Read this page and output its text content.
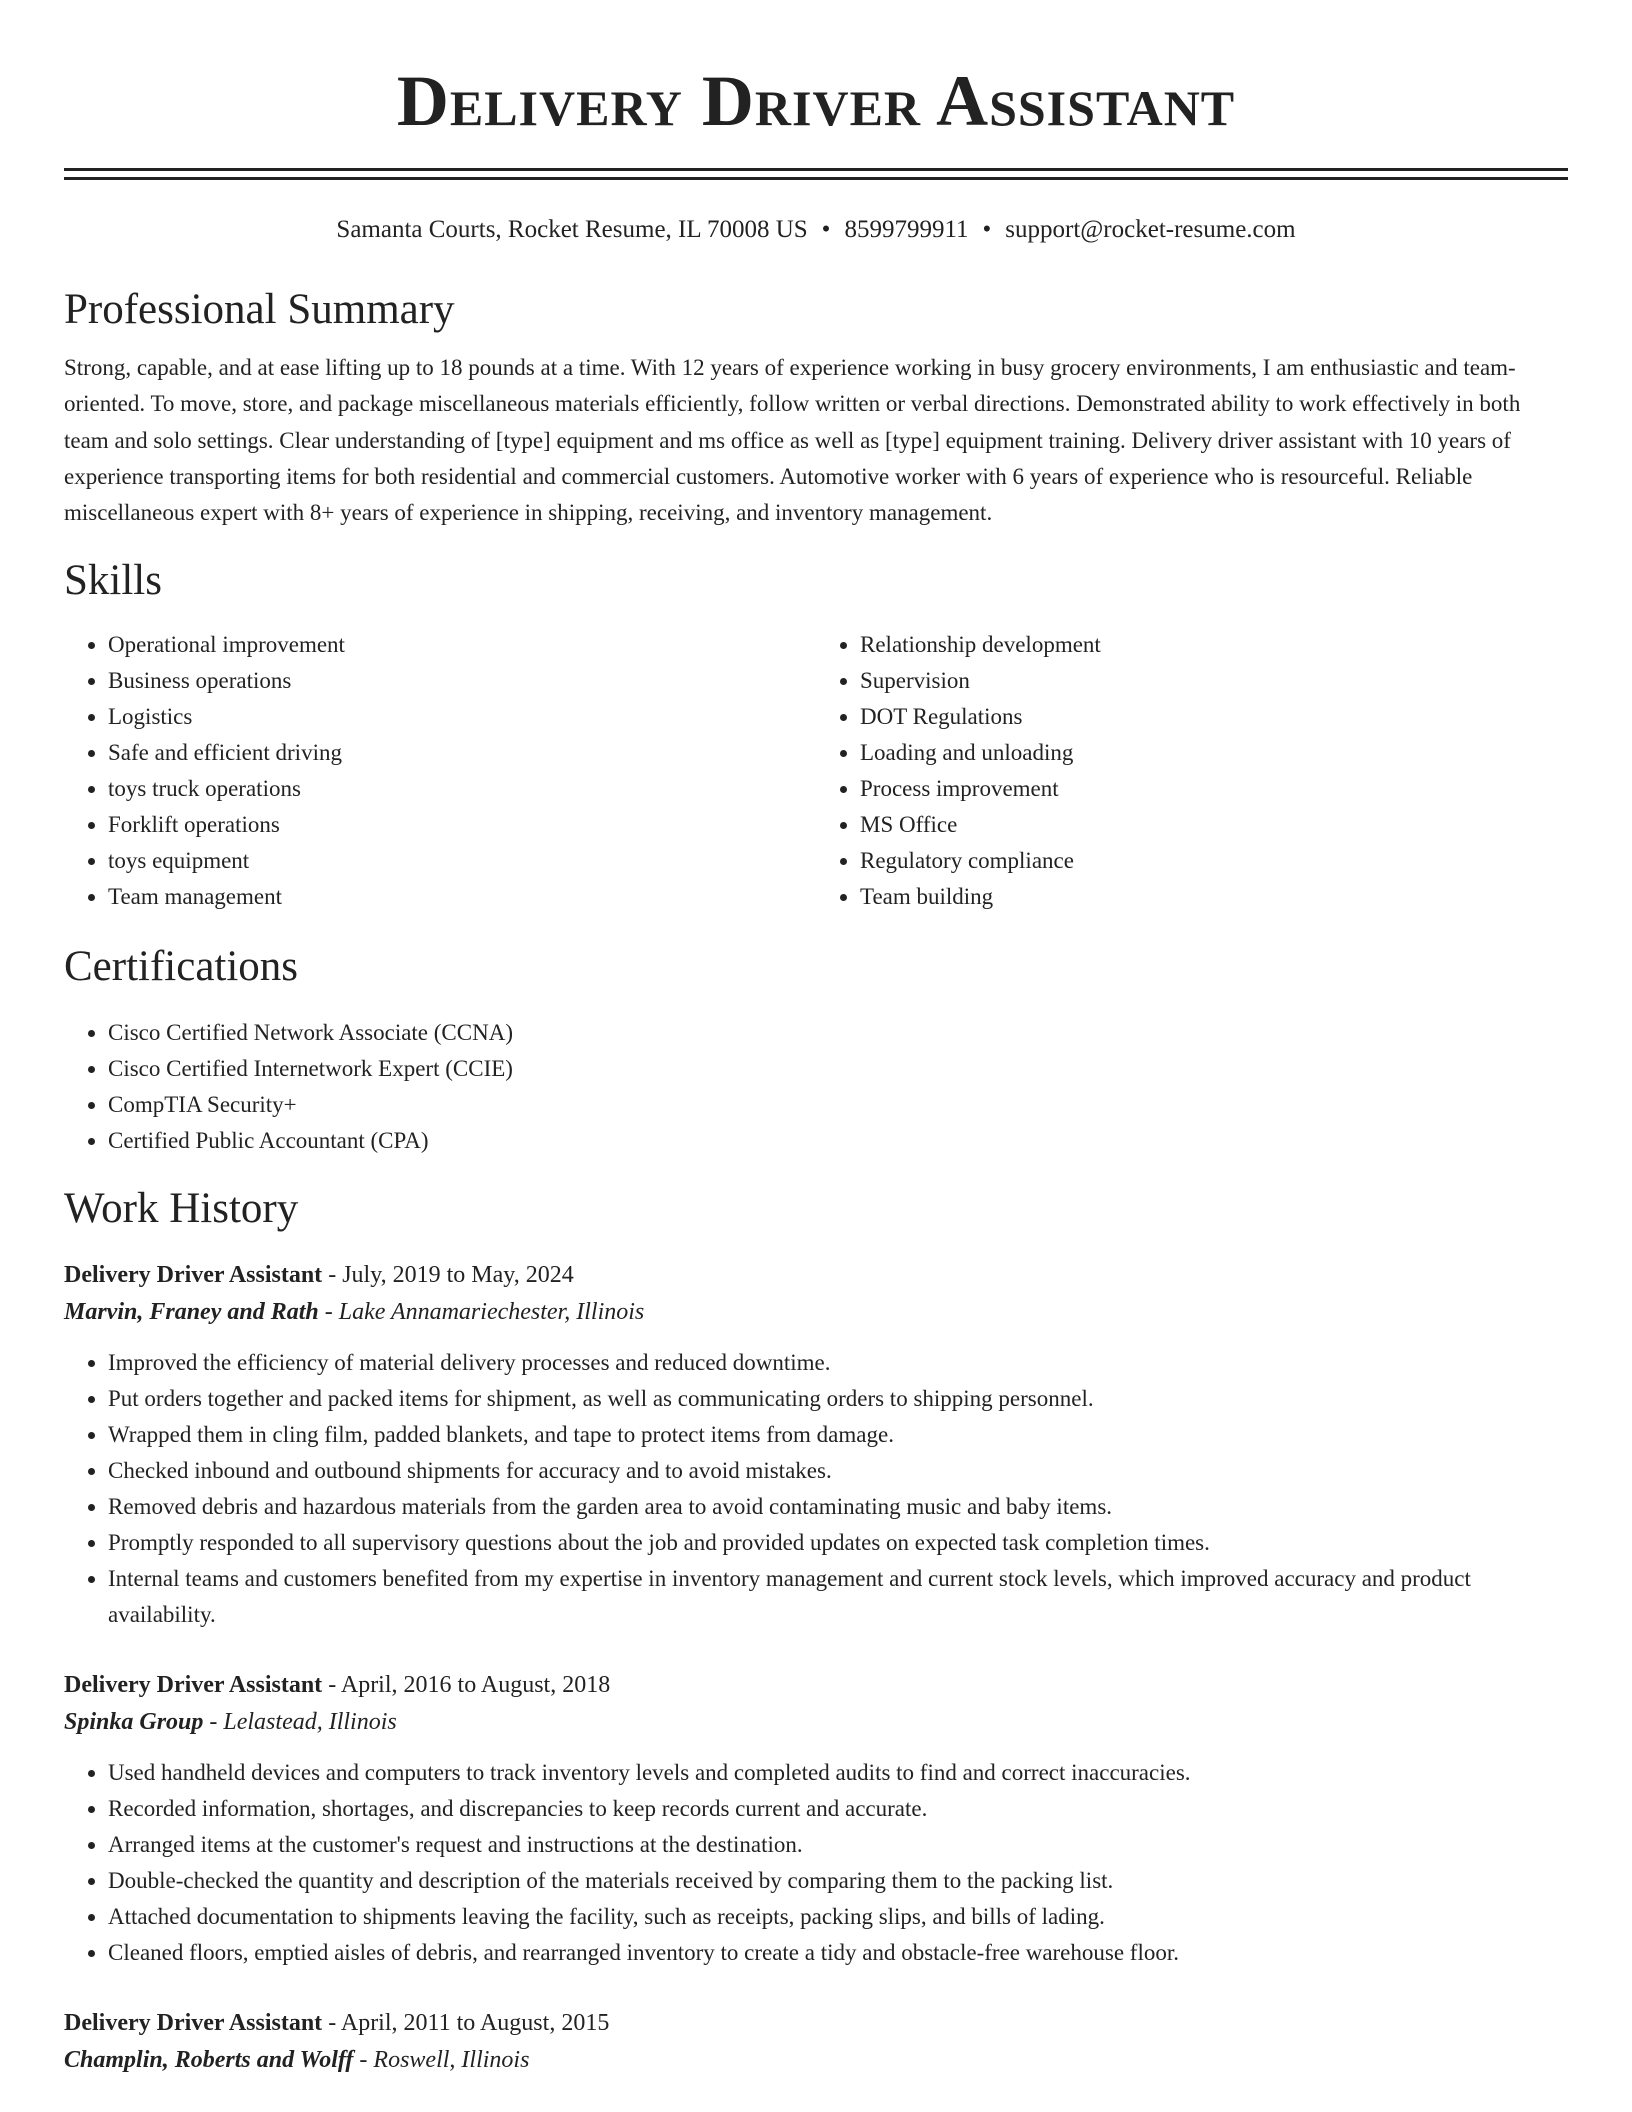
Delivery Driver Assistant
Samanta Courts, Rocket Resume, IL 70008 US • 8599799911 • support@rocket-resume.com
Professional Summary

Strong, capable, and at ease lifting up to 18 pounds at a time. With 12 years of experience working in busy grocery environments, I am enthusiastic and team-oriented. To move, store, and package miscellaneous materials efficiently, follow written or verbal directions. Demonstrated ability to work effectively in both team and solo settings. Clear understanding of [type] equipment and ms office as well as [type] equipment training. Delivery driver assistant with 10 years of experience transporting items for both residential and commercial customers. Automotive worker with 6 years of experience who is resourceful. Reliable miscellaneous expert with 8+ years of experience in shipping, receiving, and inventory management.

Skills
• Operational improvement
• Business operations
• Logistics
• Safe and efficient driving
• toys truck operations
• Forklift operations
• toys equipment
• Team management
• Relationship development
• Supervision
• DOT Regulations
• Loading and unloading
• Process improvement
• MS Office
• Regulatory compliance
• Team building
Certifications
• Cisco Certified Network Associate (CCNA)
• Cisco Certified Internetwork Expert (CCIE)
• CompTIA Security+
• Certified Public Accountant (CPA)
Work History
Delivery Driver Assistant - July, 2019 to May, 2024
Marvin, Franey and Rath - Lake Annamariechester, Illinois
• Improved the efficiency of material delivery processes and reduced downtime.
• Put orders together and packed items for shipment, as well as communicating orders to shipping personnel.
• Wrapped them in cling film, padded blankets, and tape to protect items from damage.
• Checked inbound and outbound shipments for accuracy and to avoid mistakes.
• Removed debris and hazardous materials from the garden area to avoid contaminating music and baby items.
• Promptly responded to all supervisory questions about the job and provided updates on expected task completion times.
• Internal teams and customers benefited from my expertise in inventory management and current stock levels, which improved accuracy and product availability.
Delivery Driver Assistant - April, 2016 to August, 2018
Spinka Group - Lelastead, Illinois
• Used handheld devices and computers to track inventory levels and completed audits to find and correct inaccuracies.
• Recorded information, shortages, and discrepancies to keep records current and accurate.
• Arranged items at the customer's request and instructions at the destination.
• Double-checked the quantity and description of the materials received by comparing them to the packing list.
• Attached documentation to shipments leaving the facility, such as receipts, packing slips, and bills of lading.
• Cleaned floors, emptied aisles of debris, and rearranged inventory to create a tidy and obstacle-free warehouse floor.
Delivery Driver Assistant - April, 2011 to August, 2015
Champlin, Roberts and Wolff - Roswell, Illinois
